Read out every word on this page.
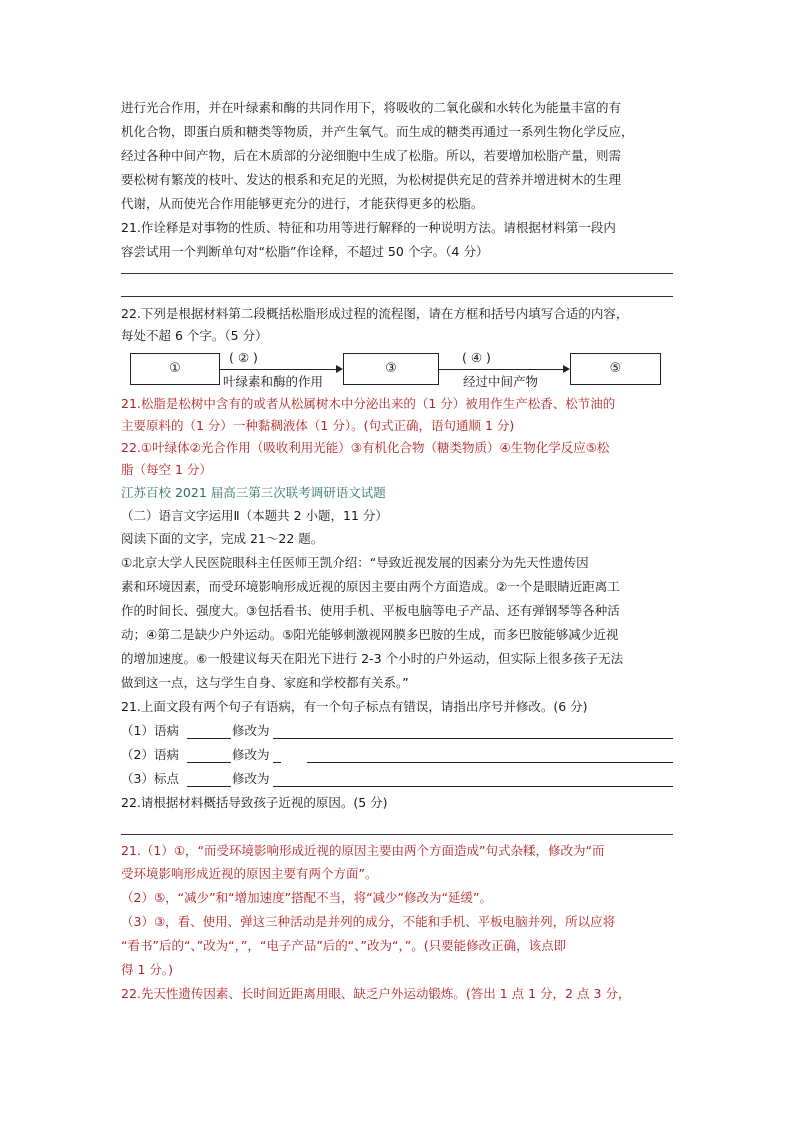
进行光合作用，并在叶绿素和酶的共同作用下，将吸收的二氧化碳和水转化为能量丰富的有
机化合物，即蛋白质和糖类等物质，并产生氧气。而生成的糖类再通过一系列生物化学反应，
经过各种中间产物，后在木质部的分泌细胞中生成了松脂。所以，若要增加松脂产量，则需
要松树有繁茂的枝叶、发达的根系和充足的光照，为松树提供充足的营养并增进树木的生理
代谢，从而使光合作用能够更充分的进行，才能获得更多的松脂。
21.作诠释是对事物的性质、特征和功用等进行解释的一种说明方法。请根据材料第一段内
容尝试用一个判断单句对“松脂”作诠释，不超过 50 个字。（4 分）
22.下列是根据材料第二段概括松脂形成过程的流程图，请在方框和括号内填写合适的内容，
每处不超 6 个字。（5 分）
①
( ② )
叶绿素和酶的作用
③
( ④ )
经过中间产物
⑤
21.松脂是松树中含有的或者从松属树木中分泌出来的（1 分）被用作生产松香、松节油的
主要原料的（1 分）一种黏稠液体（1 分）。(句式正确，语句通顺 1 分)
22.①叶绿体②光合作用（吸收利用光能）③有机化合物（糖类物质）④生物化学反应⑤松
脂（每空 1 分）
江苏百校 2021 届高三第三次联考调研语文试题
（二）语言文字运用Ⅱ（本题共 2 小题，11 分）
阅读下面的文字，完成 21～22 题。
①北京大学人民医院眼科主任医师王凯介绍：“导致近视发展的因素分为先天性遗传因
素和环境因素，而受环境影响形成近视的原因主要由两个方面造成。②一个是眼睛近距离工
作的时间长、强度大。③包括看书、使用手机、平板电脑等电子产品、还有弹钢琴等各种活
动；④第二是缺少户外运动。⑤阳光能够刺激视网膜多巴胺的生成，而多巴胺能够减少近视
的增加速度。⑥一般建议每天在阳光下进行 2-3 个小时的户外运动，但实际上很多孩子无法
做到这一点，这与学生自身、家庭和学校都有关系。”
21.上面文段有两个句子有语病，有一个句子标点有错误，请指出序号并修改。(6 分)
（1）语病	修改为
（2）语病	修改为
（3）标点	修改为
22.请根据材料概括导致孩子近视的原因。(5 分)
21.（1）①，“而受环境影响形成近视的原因主要由两个方面造成”句式杂糅，修改为“而
受环境影响形成近视的原因主要有两个方面”。
（2）⑤，“减少”和“增加速度”搭配不当，将“减少”修改为“延缓”。
（3）③，看、使用、弹这三种活动是并列的成分，不能和手机、平板电脑并列，所以应将
“看书”后的“、”改为“，”，“电子产品”后的“、”改为“，”。(只要能修改正确，该点即
得 1 分。)
22.先天性遗传因素、长时间近距离用眼、缺乏户外运动锻炼。(答出 1 点 1 分，2 点 3 分，
